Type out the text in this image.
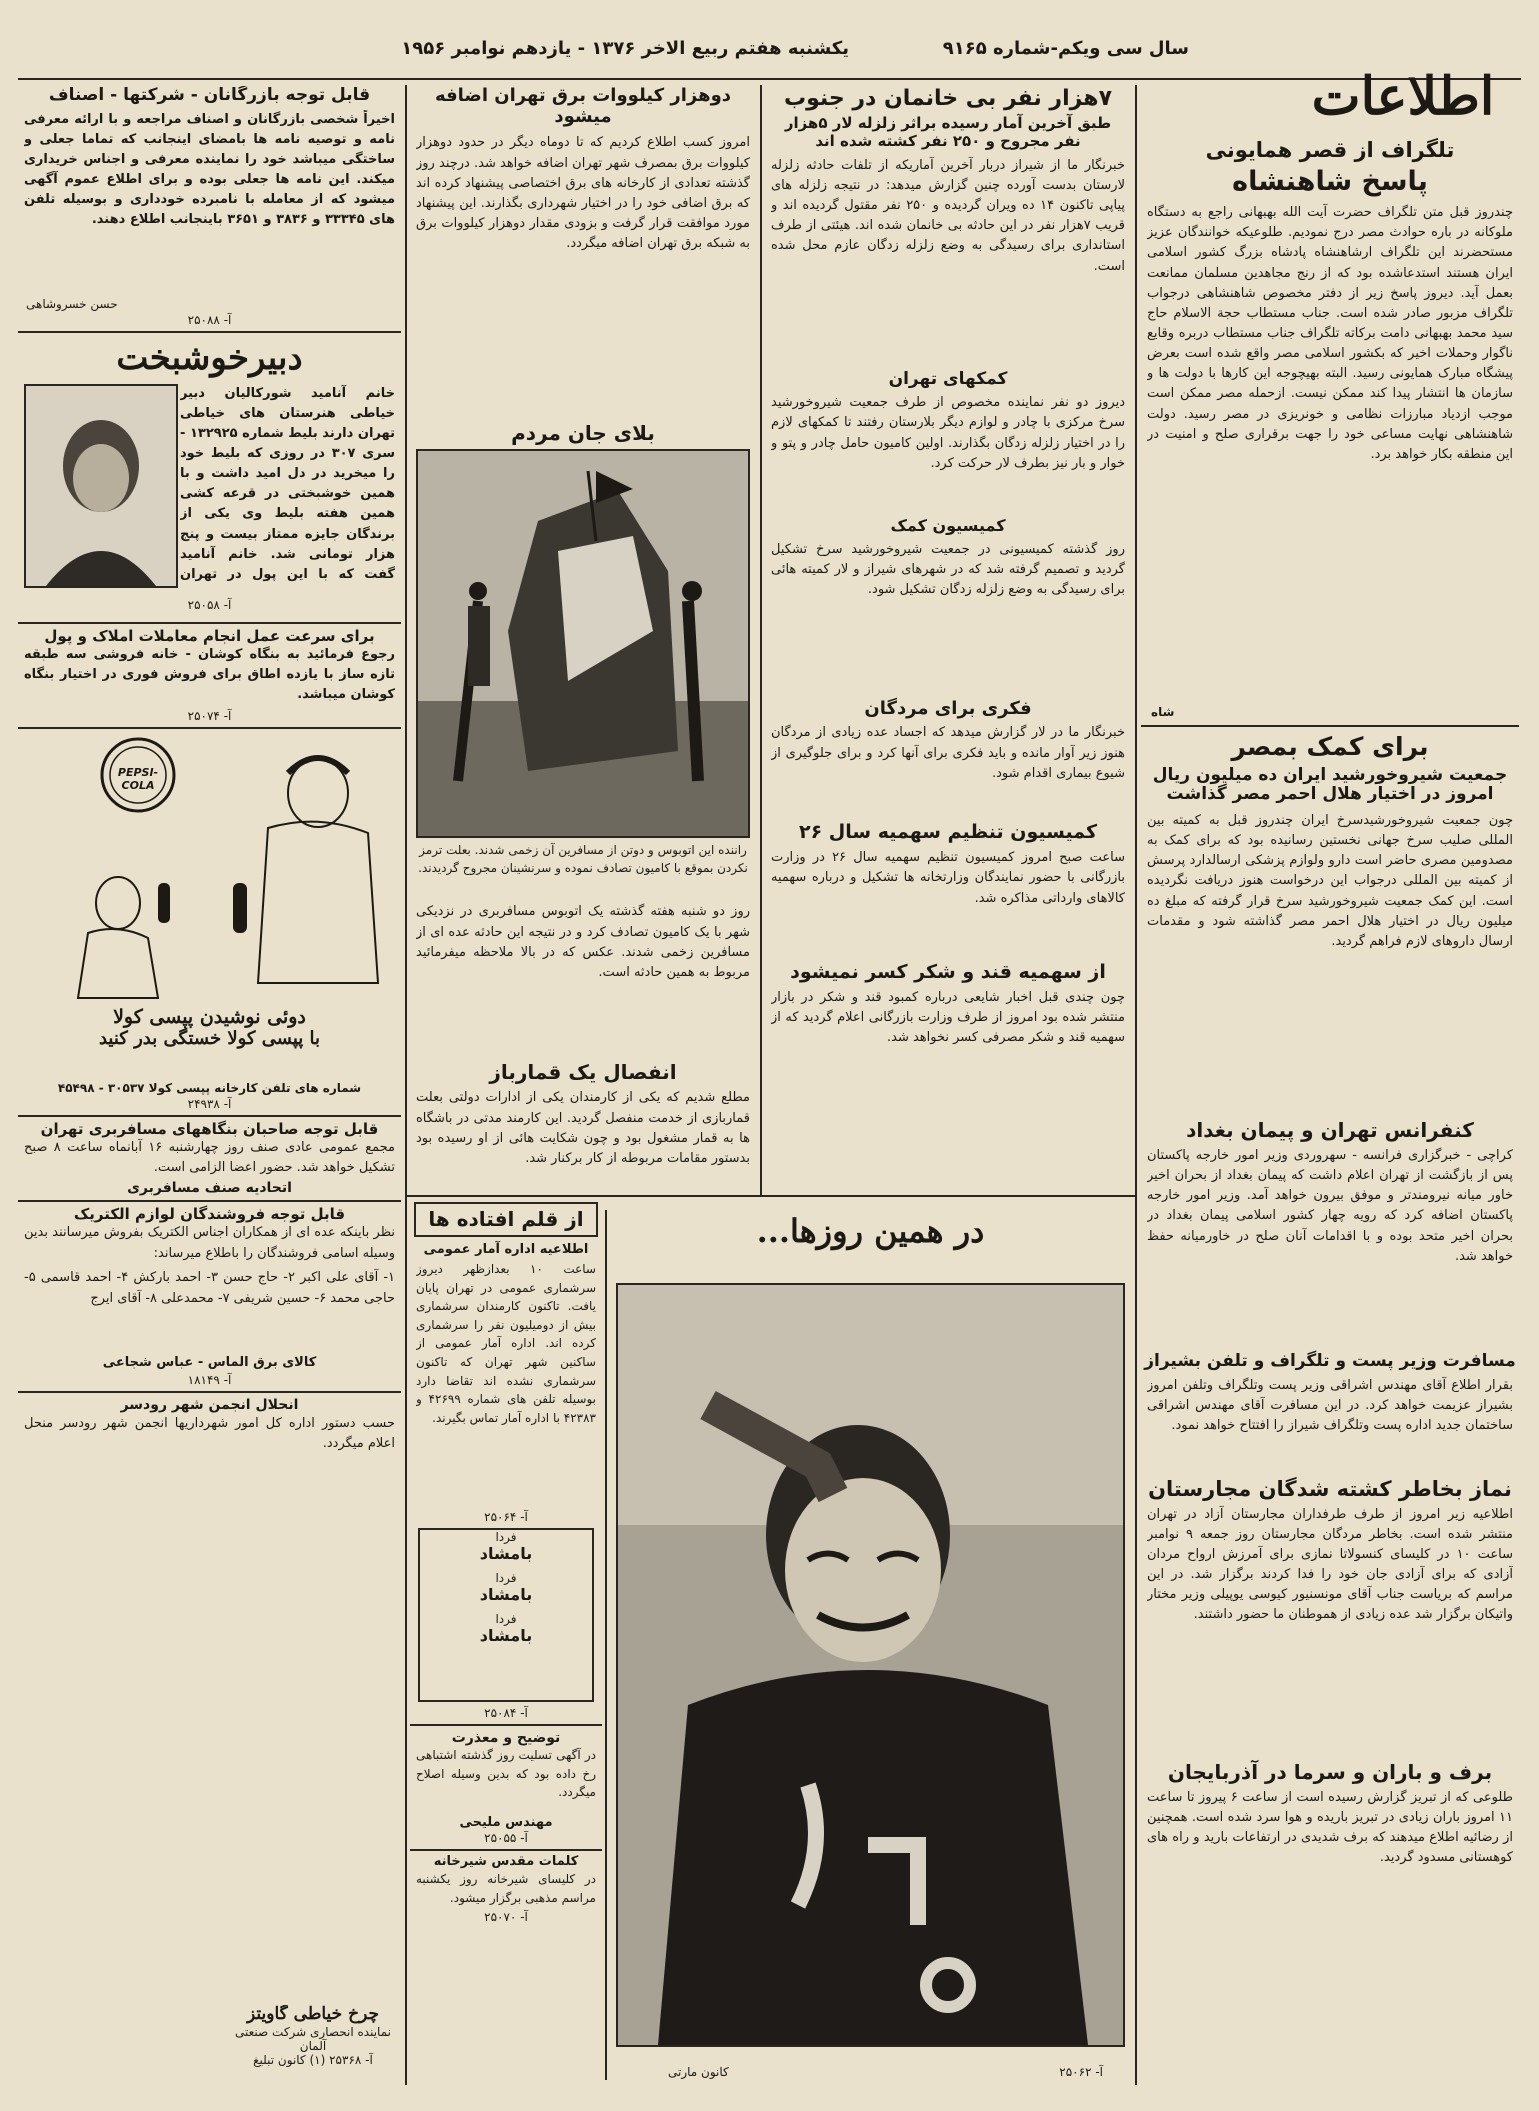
سال سی ویکم-شماره ۹۱۶۵
یکشنبه هفتم ربیع الاخر ۱۳۷۶ - یازدهم نوامبر ۱۹۵۶
اطلاعات
تلگراف از قصر همایونی
پاسخ شاهنشاه
چندروز قبل متن تلگراف حضرت آیت الله بهبهانی راجع به دستگاه ملوکانه در باره حوادث مصر درج نمودیم. طلوعیکه خوانندگان عزیز مستحضرند این تلگراف ارشاهنشاه پادشاه بزرگ کشور اسلامی ایران هستند استدعاشده بود که از رنج مجاهدین مسلمان ممانعت بعمل آید. دیروز پاسخ زیر از دفتر مخصوص شاهنشاهی درجواب تلگراف مزبور صادر شده است. جناب مستطاب حجة الاسلام حاج سید محمد بهبهانی دامت برکاته تلگراف جناب مستطاب دربره وقایع ناگوار وحملات اخیر که بکشور اسلامی مصر واقع شده است بعرض پیشگاه مبارک همایونی رسید. البته بهیچوجه این کارها با دولت ها و سازمان ها انتشار پیدا کند ممکن نیست. ازحمله مصر ممکن است موجب ازدیاد مبارزات نظامی و خونریزی در مصر رسید. دولت شاهنشاهی نهایت مساعی خود را جهت برقراری صلح و امنیت در این منطقه بکار خواهد برد.
شاه
برای کمک بمصر
جمعیت شیروخورشید ایران ده میلیون ریال امروز در اختیار هلال احمر مصر گذاشت
چون جمعیت شیروخورشیدسرخ ایران چندروز قبل به کمیته بین المللی صلیب سرخ جهانی نخستین رسانیده بود که برای کمک به مصدومین مصری حاضر است دارو ولوازم پزشکی ارسالدارد پرسش از کمیته بین المللی درجواب این درخواست هنوز دریافت نگردیده است. این کمک جمعیت شیروخورشید سرخ قرار گرفته که مبلغ ده میلیون ریال در اختیار هلال احمر مصر گذاشته شود و مقدمات ارسال داروهای لازم فراهم گردید.
کنفرانس تهران و پیمان بغداد
کراچی - خبرگزاری فرانسه - سهروردی وزیر امور خارجه پاکستان پس از بازگشت از تهران اعلام داشت که پیمان بغداد از بحران اخیر خاور میانه نیرومندتر و موفق بیرون خواهد آمد. وزیر امور خارجه پاکستان اضافه کرد که رویه چهار کشور اسلامی پیمان بغداد در بحران اخیر متحد بوده و با اقدامات آنان صلح در خاورمیانه حفظ خواهد شد.
مسافرت وزیر پست و تلگراف و تلفن بشیراز
بقرار اطلاع آقای مهندس اشراقی وزیر پست وتلگراف وتلفن امروز بشیراز عزیمت خواهد کرد. در این مسافرت آقای مهندس اشراقی ساختمان جدید اداره پست وتلگراف شیراز را افتتاح خواهد نمود.
نماز بخاطر کشته شدگان مجارستان
اطلاعیه زیر امروز از طرف طرفداران مجارستان آزاد در تهران منتشر شده است. بخاطر مردگان مجارستان روز جمعه ۹ نوامبر ساعت ۱۰ در کلیسای کنسولاتا نمازی برای آمرزش ارواح مردان آزادی که برای آزادی جان خود را فدا کردند برگزار شد. در این مراسم که بریاست جناب آقای مونسنیور کیوسی یوپیلی وزیر مختار واتیکان برگزار شد عده زیادی از هموطنان ما حضور داشتند.
برف و باران و سرما در آذربایجان
طلوعی که از تبریز گزارش رسیده است از ساعت ۶ پیروز تا ساعت ۱۱ امروز باران زیادی در تبریز باریده و هوا سرد شده است. همچنین از رضائیه اطلاع میدهند که برف شدیدی در ارتفاعات بارید و راه های کوهستانی مسدود گردید.
۷هزار نفر بی خانمان در جنوب
طبق آخرین آمار رسیده براثر زلزله لار ۵هزار نفر مجروح و ۲۵۰ نفر کشته شده اند
خبرنگار ما از شیراز دربار آخرین آماریکه از تلفات حادثه زلزله لارستان بدست آورده چنین گزارش میدهد: در نتیجه زلزله های پیاپی تاکنون ۱۴ ده ویران گردیده و ۲۵۰ نفر مقتول گردیده اند و قریب ۷هزار نفر در این حادثه بی خانمان شده اند. هیئتی از طرف استانداری برای رسیدگی به وضع زلزله زدگان عازم محل شده است.
کمکهای تهران
دیروز دو نفر نماینده مخصوص از طرف جمعیت شیروخورشید سرخ مرکزی با چادر و لوازم دیگر بلارستان رفتند تا کمکهای لازم را در اختیار زلزله زدگان بگذارند. اولین کامیون حامل چادر و پتو و خوار و بار نیز بطرف لار حرکت کرد.
کمیسیون کمک
روز گذشته کمیسیونی در جمعیت شیروخورشید سرخ تشکیل گردید و تصمیم گرفته شد که در شهرهای شیراز و لار کمیته هائی برای رسیدگی به وضع زلزله زدگان تشکیل شود.
فکری برای مردگان
خبرنگار ما در لار گزارش میدهد که اجساد عده زیادی از مردگان هنوز زیر آوار مانده و باید فکری برای آنها کرد و برای جلوگیری از شیوع بیماری اقدام شود.
کمیسیون تنظیم سهمیه سال ۲۶
ساعت صبح امروز کمیسیون تنظیم سهمیه سال ۲۶ در وزارت بازرگانی با حضور نمایندگان وزارتخانه ها تشکیل و درباره سهمیه کالاهای وارداتی مذاکره شد.
از سهمیه قند و شکر کسر نمیشود
چون چندی قبل اخبار شایعی درباره کمبود قند و شکر در بازار منتشر شده بود امروز از طرف وزارت بازرگانی اعلام گردید که از سهمیه قند و شکر مصرفی کسر نخواهد شد.
دوهزار کیلووات برق تهران اضافه میشود
امروز کسب اطلاع کردیم که تا دوماه دیگر در حدود دوهزار کیلووات برق بمصرف شهر تهران اضافه خواهد شد. درچند روز گذشته تعدادی از کارخانه های برق اختصاصی پیشنهاد کرده اند که برق اضافی خود را در اختیار شهرداری بگذارند. این پیشنهاد مورد موافقت قرار گرفت و بزودی مقدار دوهزار کیلووات برق به شبکه برق تهران اضافه میگردد.
بلای جان مردم
راننده این اتوبوس و دوتن از مسافرین آن زخمی شدند. بعلت ترمز نکردن بموقع با کامیون تصادف نموده و سرنشینان مجروح گردیدند.
روز دو شنبه هفته گذشته یک اتوبوس مسافربری در نزدیکی شهر با یک کامیون تصادف کرد و در نتیجه این حادثه عده ای از مسافرین زخمی شدند. عکس که در بالا ملاحظه میفرمائید مربوط به همین حادثه است.
انفصال یک قمارباز
مطلع شدیم که یکی از کارمندان یکی از ادارات دولتی بعلت قماربازی از خدمت منفصل گردید. این کارمند مدتی در باشگاه ها به قمار مشغول بود و چون شکایت هائی از او رسیده بود بدستور مقامات مربوطه از کار برکنار شد.
قابل توجه بازرگانان - شرکتها - اصناف
اخیراً شخصی بازرگانان و اصناف مراجعه و با ارائه معرفی نامه و توصیه نامه ها بامضای اینجانب که تماما جعلی و ساختگی میباشد خود را نماینده معرفی و اجناس خریداری میکند. این نامه ها جعلی بوده و برای اطلاع عموم آگهی میشود که از معامله با نامبرده خودداری و بوسیله تلفن های ۳۳۳۴۵ و ۳۸۳۶ و ۳۶۵۱ باینجانب اطلاع دهند.
حسن خسروشاهی
آ- ۲۵۰۸۸
دبیرخوشبخت
خانم آنامید شورکالیان دبیر خیاطی هنرستان های خیاطی تهران دارند بلیط شماره ۱۳۲۹۲۵ - سری ۳۰۷ در روزی که بلیط خود را میخرید در دل امید داشت و با همین خوشبختی در قرعه کشی همین هفته بلیط وی یکی از برندگان جایزه ممتاز بیست و پنج هزار تومانی شد. خانم آنامید گفت که با این پول در تهران
آ- ۲۵۰۵۸
برای سرعت عمل انجام معاملات املاک و پول
رجوع فرمائید به بنگاه کوشان - خانه فروشی سه طبقه تازه ساز با یازده اطاق برای فروش فوری در اختیار بنگاه کوشان میباشد.
آ- ۲۵۰۷۴
PEPSI-COLA
دوئی نوشیدن پپسی کولا
با پپسی کولا خستگی بدر کنید
شماره های تلفن کارخانه پپسی کولا ۳۰۵۳۷ - ۴۵۴۹۸
آ- ۲۴۹۳۸
قابل توجه صاحبان بنگاههای مسافربری تهران
مجمع عمومی عادی صنف روز چهارشنبه ۱۶ آبانماه ساعت ۸ صبح تشکیل خواهد شد. حضور اعضا الزامی است.
اتحادیه صنف مسافربری
قابل توجه فروشندگان لوازم الکتریک
نظر باینکه عده ای از همکاران اجناس الکتریک بفروش میرسانند بدین وسیله اسامی فروشندگان را باطلاع میرساند:
۱- آقای علی اکبر ۲- حاج حسن ۳- احمد بارکش ۴- احمد قاسمی ۵- حاجی محمد ۶- حسین شریفی ۷- محمدعلی ۸- آقای ایرج
کالای برق الماس - عباس شجاعی
آ- ۱۸۱۴۹
انحلال انجمن شهر رودسر
حسب دستور اداره کل امور شهرداریها انجمن شهر رودسر منحل اعلام میگردد.
از قلم افتاده ها
اطلاعیه اداره آمار عمومی
ساعت ۱۰ بعدازظهر دیروز سرشماری عمومی در تهران پایان یافت. تاکنون کارمندان سرشماری بیش از دومیلیون نفر را سرشماری کرده اند. اداره آمار عمومی از ساکنین شهر تهران که تاکنون سرشماری نشده اند تقاضا دارد بوسیله تلفن های شماره ۴۲۶۹۹ و ۴۲۳۸۳ با اداره آمار تماس بگیرند.
آ- ۲۵۰۶۴
فردا
بامشاد
فردا
بامشاد
فردا
بامشاد
آ- ۲۵۰۸۴
توضیح و معذرت
در آگهی تسلیت روز گذشته اشتباهی رخ داده بود که بدین وسیله اصلاح میگردد.
مهندس ملیحی
آ- ۲۵۰۵۵
کلمات مقدس شیرخانه
در کلیسای شیرخانه روز یکشنبه مراسم مذهبی برگزار میشود.
آ- ۲۵۰۷۰
چرخ خیاطی گاویتز
نماینده انحصاری شرکت صنعتی آلمان
آ- ۲۵۳۶۸ (۱) کانون تبلیغ
در همین روزها...
کانون مارتی	آ- ۲۵۰۶۲
